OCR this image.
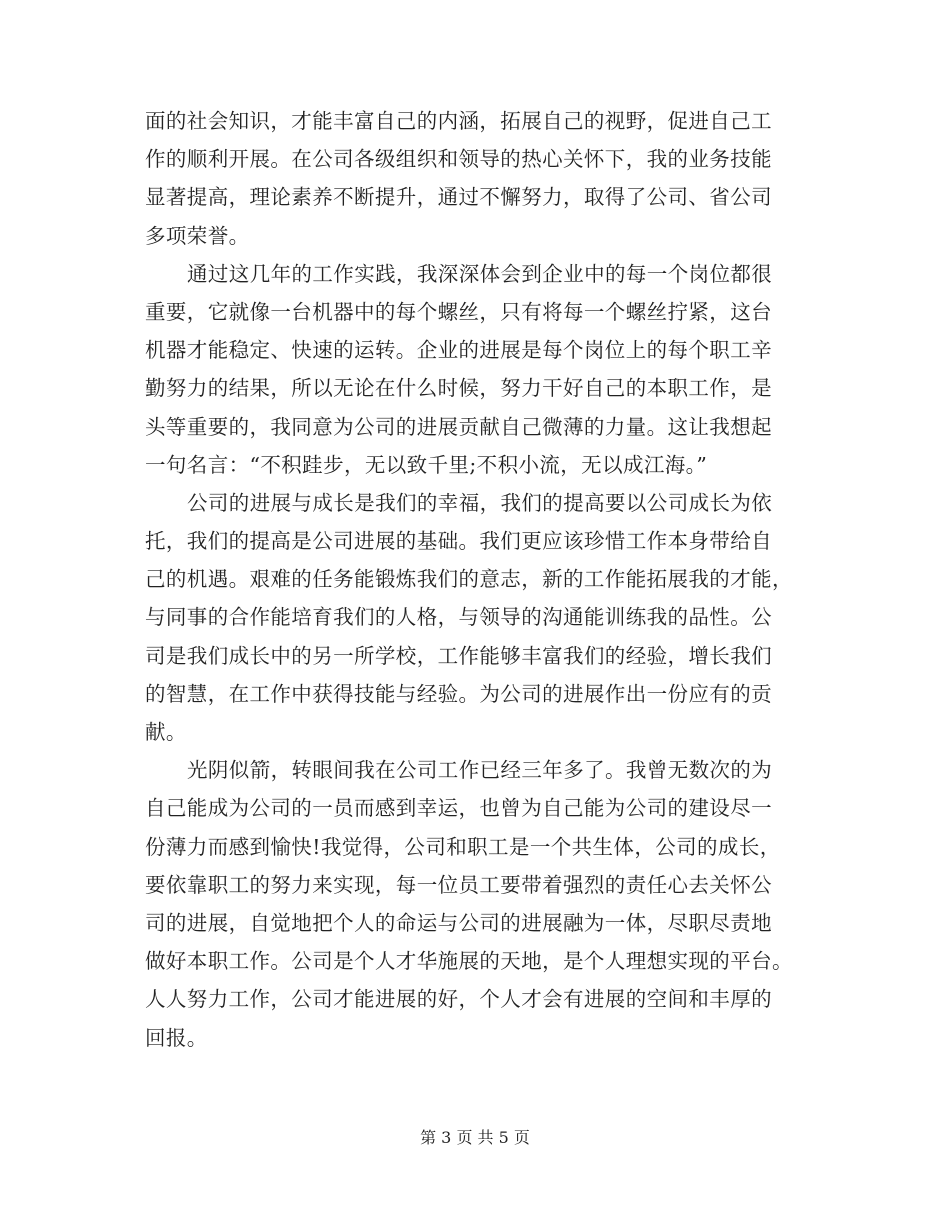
面的社会知识，才能丰富自己的内涵，拓展自己的视野，促进自己工
作的顺利开展。在公司各级组织和领导的热心关怀下，我的业务技能
显著提高，理论素养不断提升，通过不懈努力，取得了公司、省公司
多项荣誉。
通过这几年的工作实践，我深深体会到企业中的每一个岗位都很
重要，它就像一台机器中的每个螺丝，只有将每一个螺丝拧紧，这台
机器才能稳定、快速的运转。企业的进展是每个岗位上的每个职工辛
勤努力的结果，所以无论在什么时候，努力干好自己的本职工作，是
头等重要的，我同意为公司的进展贡献自己微薄的力量。这让我想起
一句名言：“不积跬步，无以致千里;不积小流，无以成江海。”
公司的进展与成长是我们的幸福，我们的提高要以公司成长为依
托，我们的提高是公司进展的基础。我们更应该珍惜工作本身带给自
己的机遇。艰难的任务能锻炼我们的意志，新的工作能拓展我的才能，
与同事的合作能培育我们的人格，与领导的沟通能训练我的品性。公
司是我们成长中的另一所学校，工作能够丰富我们的经验，增长我们
的智慧，在工作中获得技能与经验。为公司的进展作出一份应有的贡
献。
光阴似箭，转眼间我在公司工作已经三年多了。我曾无数次的为
自己能成为公司的一员而感到幸运，也曾为自己能为公司的建设尽一
份薄力而感到愉快!我觉得，公司和职工是一个共生体，公司的成长，
要依靠职工的努力来实现，每一位员工要带着强烈的责任心去关怀公
司的进展，自觉地把个人的命运与公司的进展融为一体，尽职尽责地
做好本职工作。公司是个人才华施展的天地，是个人理想实现的平台。
人人努力工作，公司才能进展的好，个人才会有进展的空间和丰厚的
回报。
第 3 页 共 5 页
